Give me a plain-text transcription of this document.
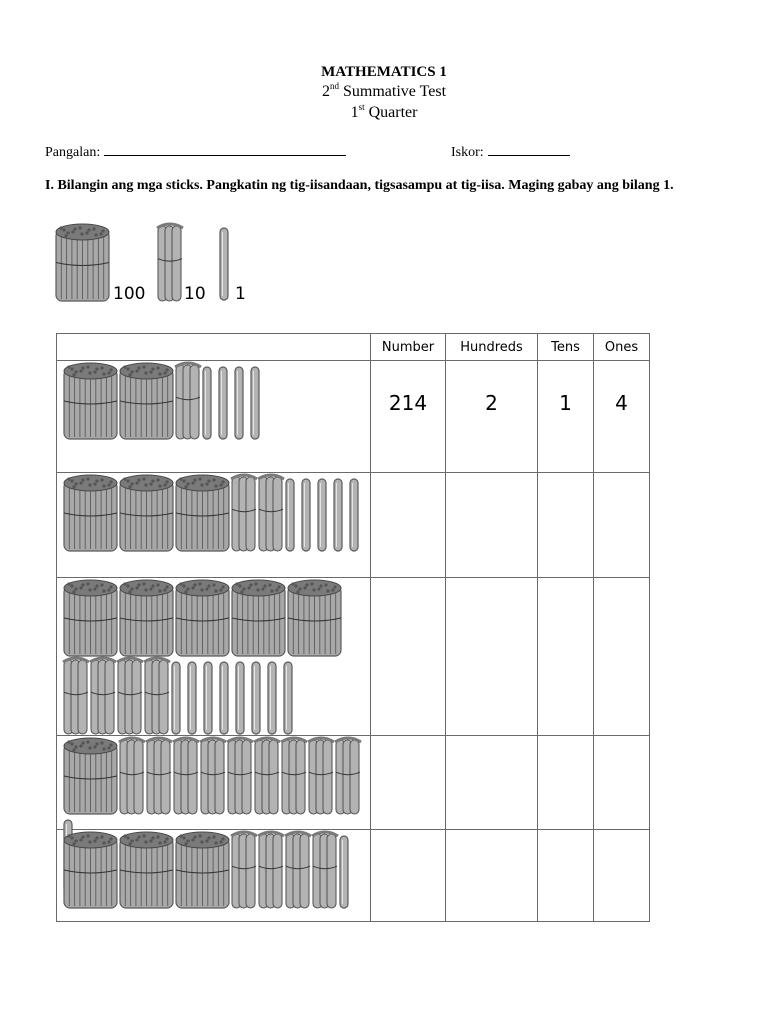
MATHEMATICS 1
2nd Summative Test
1st Quarter
Pangalan:	Iskor:
I. Bilangin ang mga sticks. Pangkatin ng tig-iisandaan, tigsasampu at tig-iisa. Maging gabay ang bilang 1.
100 10 1
	Number	Hundreds	Tens	Ones
	214	2	1	4
